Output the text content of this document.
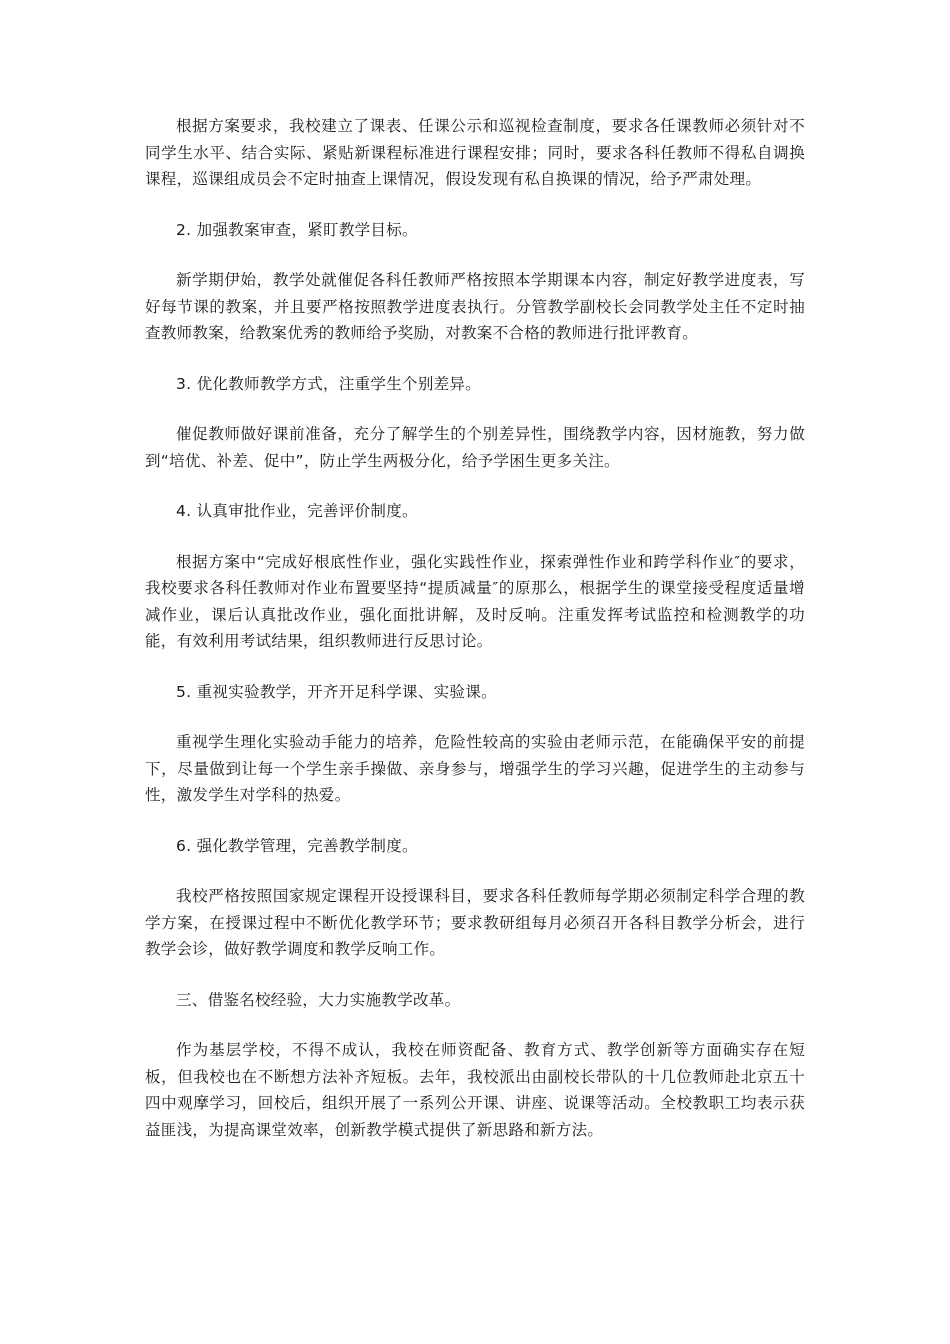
根据方案要求，我校建立了课表、任课公示和巡视检查制度，要求各任课教师必须针对不同学生水平、结合实际、紧贴新课程标准进行课程安排；同时，要求各科任教师不得私自调换课程，巡课组成员会不定时抽查上课情况，假设发现有私自换课的情况，给予严肃处理。

2. 加强教案审查，紧盯教学目标。

新学期伊始，教学处就催促各科任教师严格按照本学期课本内容，制定好教学进度表，写好每节课的教案，并且要严格按照教学进度表执行。分管教学副校长会同教学处主任不定时抽查教师教案，给教案优秀的教师给予奖励，对教案不合格的教师进行批评教育。

3. 优化教师教学方式，注重学生个别差异。

催促教师做好课前准备，充分了解学生的个别差异性，围绕教学内容，因材施教，努力做到“培优、补差、促中”，防止学生两极分化，给予学困生更多关注。

4. 认真审批作业，完善评价制度。

根据方案中“完成好根底性作业，强化实践性作业，探索弹性作业和跨学科作业″的要求，我校要求各科任教师对作业布置要坚持“提质减量″的原那么，根据学生的课堂接受程度适量增减作业，课后认真批改作业，强化面批讲解，及时反响。注重发挥考试监控和检测教学的功能，有效利用考试结果，组织教师进行反思讨论。

5. 重视实验教学，开齐开足科学课、实验课。

重视学生理化实验动手能力的培养，危险性较高的实验由老师示范，在能确保平安的前提下，尽量做到让每一个学生亲手操做、亲身参与，增强学生的学习兴趣，促进学生的主动参与性，激发学生对学科的热爱。

6. 强化教学管理，完善教学制度。

我校严格按照国家规定课程开设授课科目，要求各科任教师每学期必须制定科学合理的教学方案，在授课过程中不断优化教学环节；要求教研组每月必须召开各科目教学分析会，进行教学会诊，做好教学调度和教学反响工作。

三、借鉴名校经验，大力实施教学改革。

作为基层学校，不得不成认，我校在师资配备、教育方式、教学创新等方面确实存在短板，但我校也在不断想方法补齐短板。去年，我校派出由副校长带队的十几位教师赴北京五十四中观摩学习，回校后，组织开展了一系列公开课、讲座、说课等活动。全校教职工均表示获益匪浅，为提高课堂效率，创新教学模式提供了新思路和新方法。
